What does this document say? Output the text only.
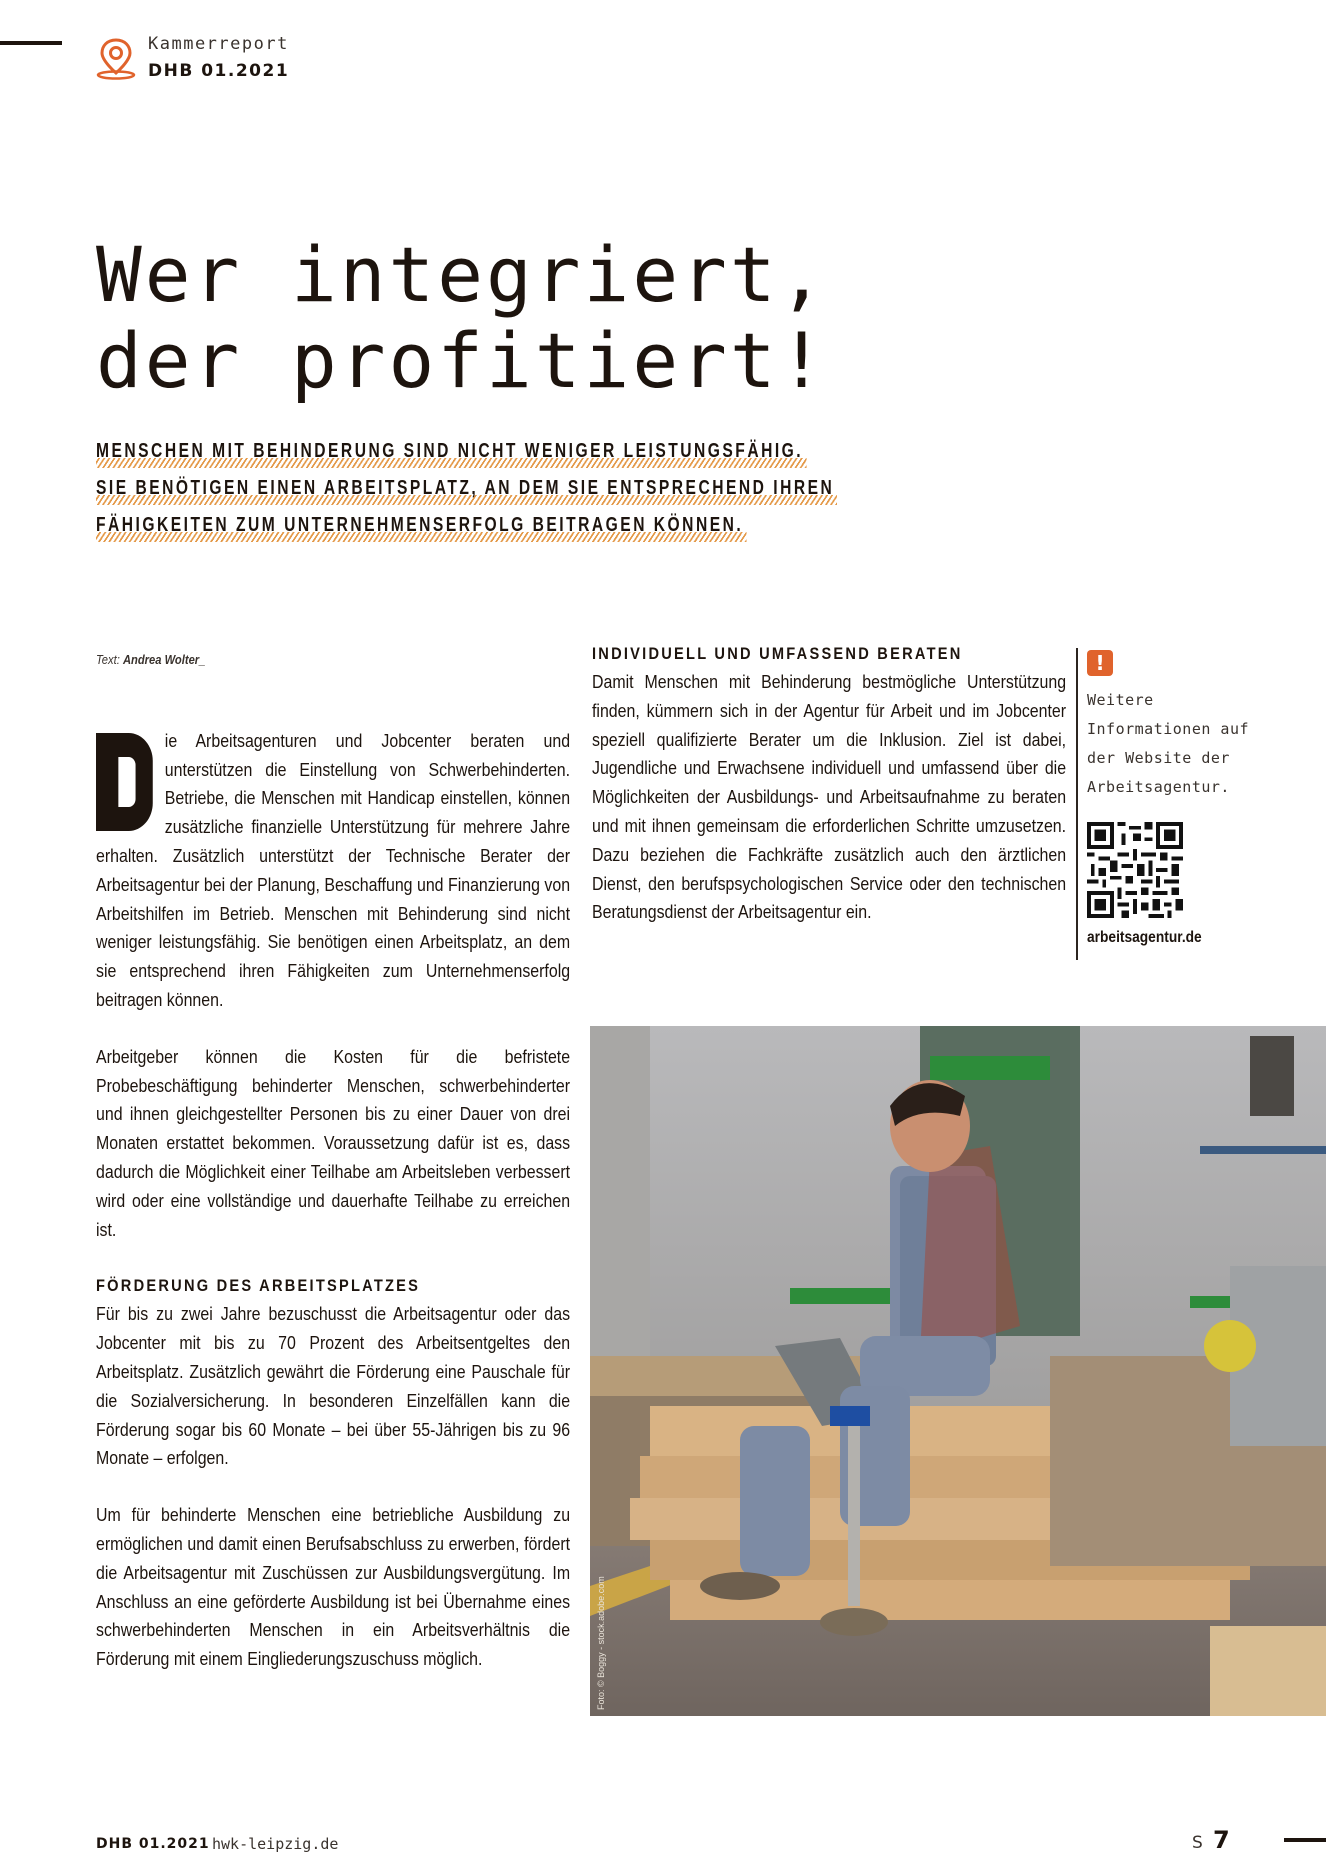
Kammerreport
DHB 01.2021
Wer integriert,
der profitiert!
MENSCHEN MIT BEHINDERUNG SIND NICHT WENIGER LEISTUNGSFÄHIG.
SIE BENÖTIGEN EINEN ARBEITSPLATZ, AN DEM SIE ENTSPRECHEND IHREN
FÄHIGKEITEN ZUM UNTERNEHMENSERFOLG BEITRAGEN KÖNNEN.

Text: Andrea Wolter_

ie Arbeitsagenturen und Jobcenter beraten und unterstützen die Einstellung von Schwerbehinderten. Betriebe, die Menschen mit Handicap einstellen, können zusätzliche finanzielle Unterstützung für mehrere Jahre erhalten. Zusätzlich unterstützt der Technische Berater der Arbeitsagentur bei der Planung, Beschaffung und Finanzierung von Arbeitshilfen im Betrieb. Menschen mit Behinderung sind nicht weniger leistungsfähig. Sie benötigen einen Arbeitsplatz, an dem sie entsprechend ihren Fähigkeiten zum Unternehmenserfolg beitragen können.

Arbeitgeber können die Kosten für die befristete Probebeschäftigung behinderter Menschen, schwerbehinderter und ihnen gleichgestellter Personen bis zu einer Dauer von drei Monaten erstattet bekommen. Voraussetzung dafür ist es, dass dadurch die Möglichkeit einer Teilhabe am Arbeitsleben verbessert wird oder eine vollständige und dauerhafte Teilhabe zu erreichen ist.

FÖRDERUNG DES ARBEITSPLATZES

Für bis zu zwei Jahre bezuschusst die Arbeitsagentur oder das Jobcenter mit bis zu 70 Prozent des Arbeitsentgeltes den Arbeitsplatz. Zusätzlich gewährt die Förderung eine Pauschale für die Sozialversicherung. In besonderen Einzelfällen kann die Förderung sogar bis 60 Monate – bei über 55-Jährigen bis zu 96 Monate – erfolgen.

Um für behinderte Menschen eine betriebliche Ausbildung zu ermöglichen und damit einen Berufsabschluss zu erwerben, fördert die Arbeitsagentur mit Zuschüssen zur Ausbildungsvergütung. Im Anschluss an eine geförderte Ausbildung ist bei Übernahme eines schwerbehinderten Menschen in ein Arbeitsverhältnis die Förderung mit einem Eingliederungszuschuss möglich.

INDIVIDUELL UND UMFASSEND BERATEN

Damit Menschen mit Behinderung bestmögliche Unterstützung finden, kümmern sich in der Agentur für Arbeit und im Jobcenter speziell qualifizierte Berater um die Inklusion. Ziel ist dabei, Jugendliche und Erwachsene individuell und umfassend über die Möglichkeiten der Ausbildungs- und Arbeitsaufnahme zu beraten und mit ihnen gemeinsam die erforderlichen Schritte umzusetzen. Dazu beziehen die Fachkräfte zusätzlich auch den ärztlichen Dienst, den berufspsychologischen Service oder den technischen Beratungsdienst der Arbeitsagentur ein.

!
Weitere Informationen auf der Website der Arbeitsagentur.
arbeitsagentur.de
Foto: © Boggy - stock.adobe.com
DHB 01.2021 hwk-leipzig.de	S 7
